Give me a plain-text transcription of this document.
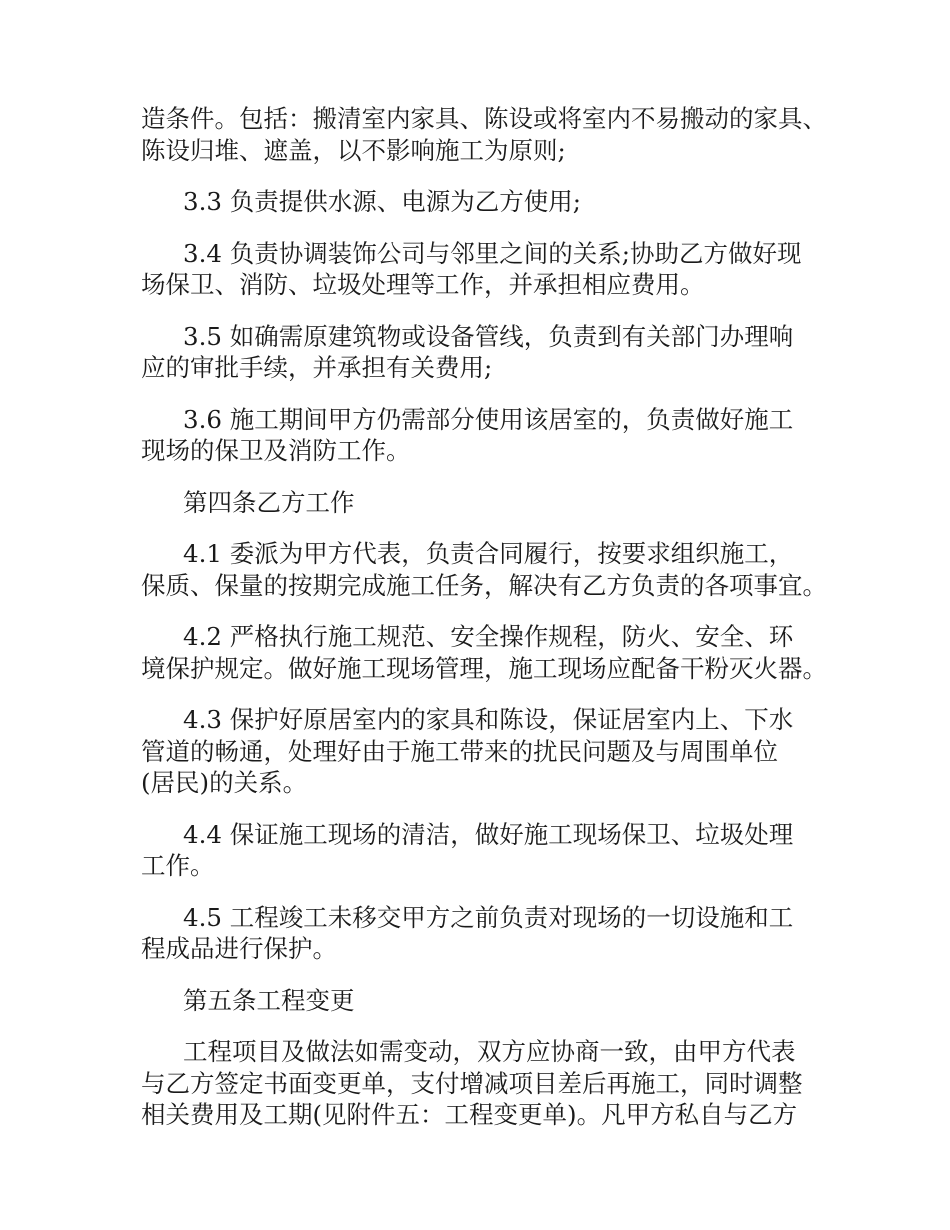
造条件。包括：搬清室内家具、陈设或将室内不易搬动的家具、
陈设归堆、遮盖，以不影响施工为原则;

3.3 负责提供水源、电源为乙方使用;

3.4 负责协调装饰公司与邻里之间的关系;协助乙方做好现
场保卫、消防、垃圾处理等工作，并承担相应费用。

3.5 如确需原建筑物或设备管线，负责到有关部门办理响
应的审批手续，并承担有关费用;

3.6 施工期间甲方仍需部分使用该居室的，负责做好施工
现场的保卫及消防工作。

第四条乙方工作

4.1 委派为甲方代表，负责合同履行，按要求组织施工，
保质、保量的按期完成施工任务，解决有乙方负责的各项事宜。

4.2 严格执行施工规范、安全操作规程，防火、安全、环
境保护规定。做好施工现场管理，施工现场应配备干粉灭火器。

4.3 保护好原居室内的家具和陈设，保证居室内上、下水
管道的畅通，处理好由于施工带来的扰民问题及与周围单位
(居民)的关系。

4.4 保证施工现场的清洁，做好施工现场保卫、垃圾处理
工作。

4.5 工程竣工未移交甲方之前负责对现场的一切设施和工
程成品进行保护。

第五条工程变更

工程项目及做法如需变动，双方应协商一致，由甲方代表
与乙方签定书面变更单，支付增减项目差后再施工，同时调整
相关费用及工期(见附件五：工程变更单)。凡甲方私自与乙方
